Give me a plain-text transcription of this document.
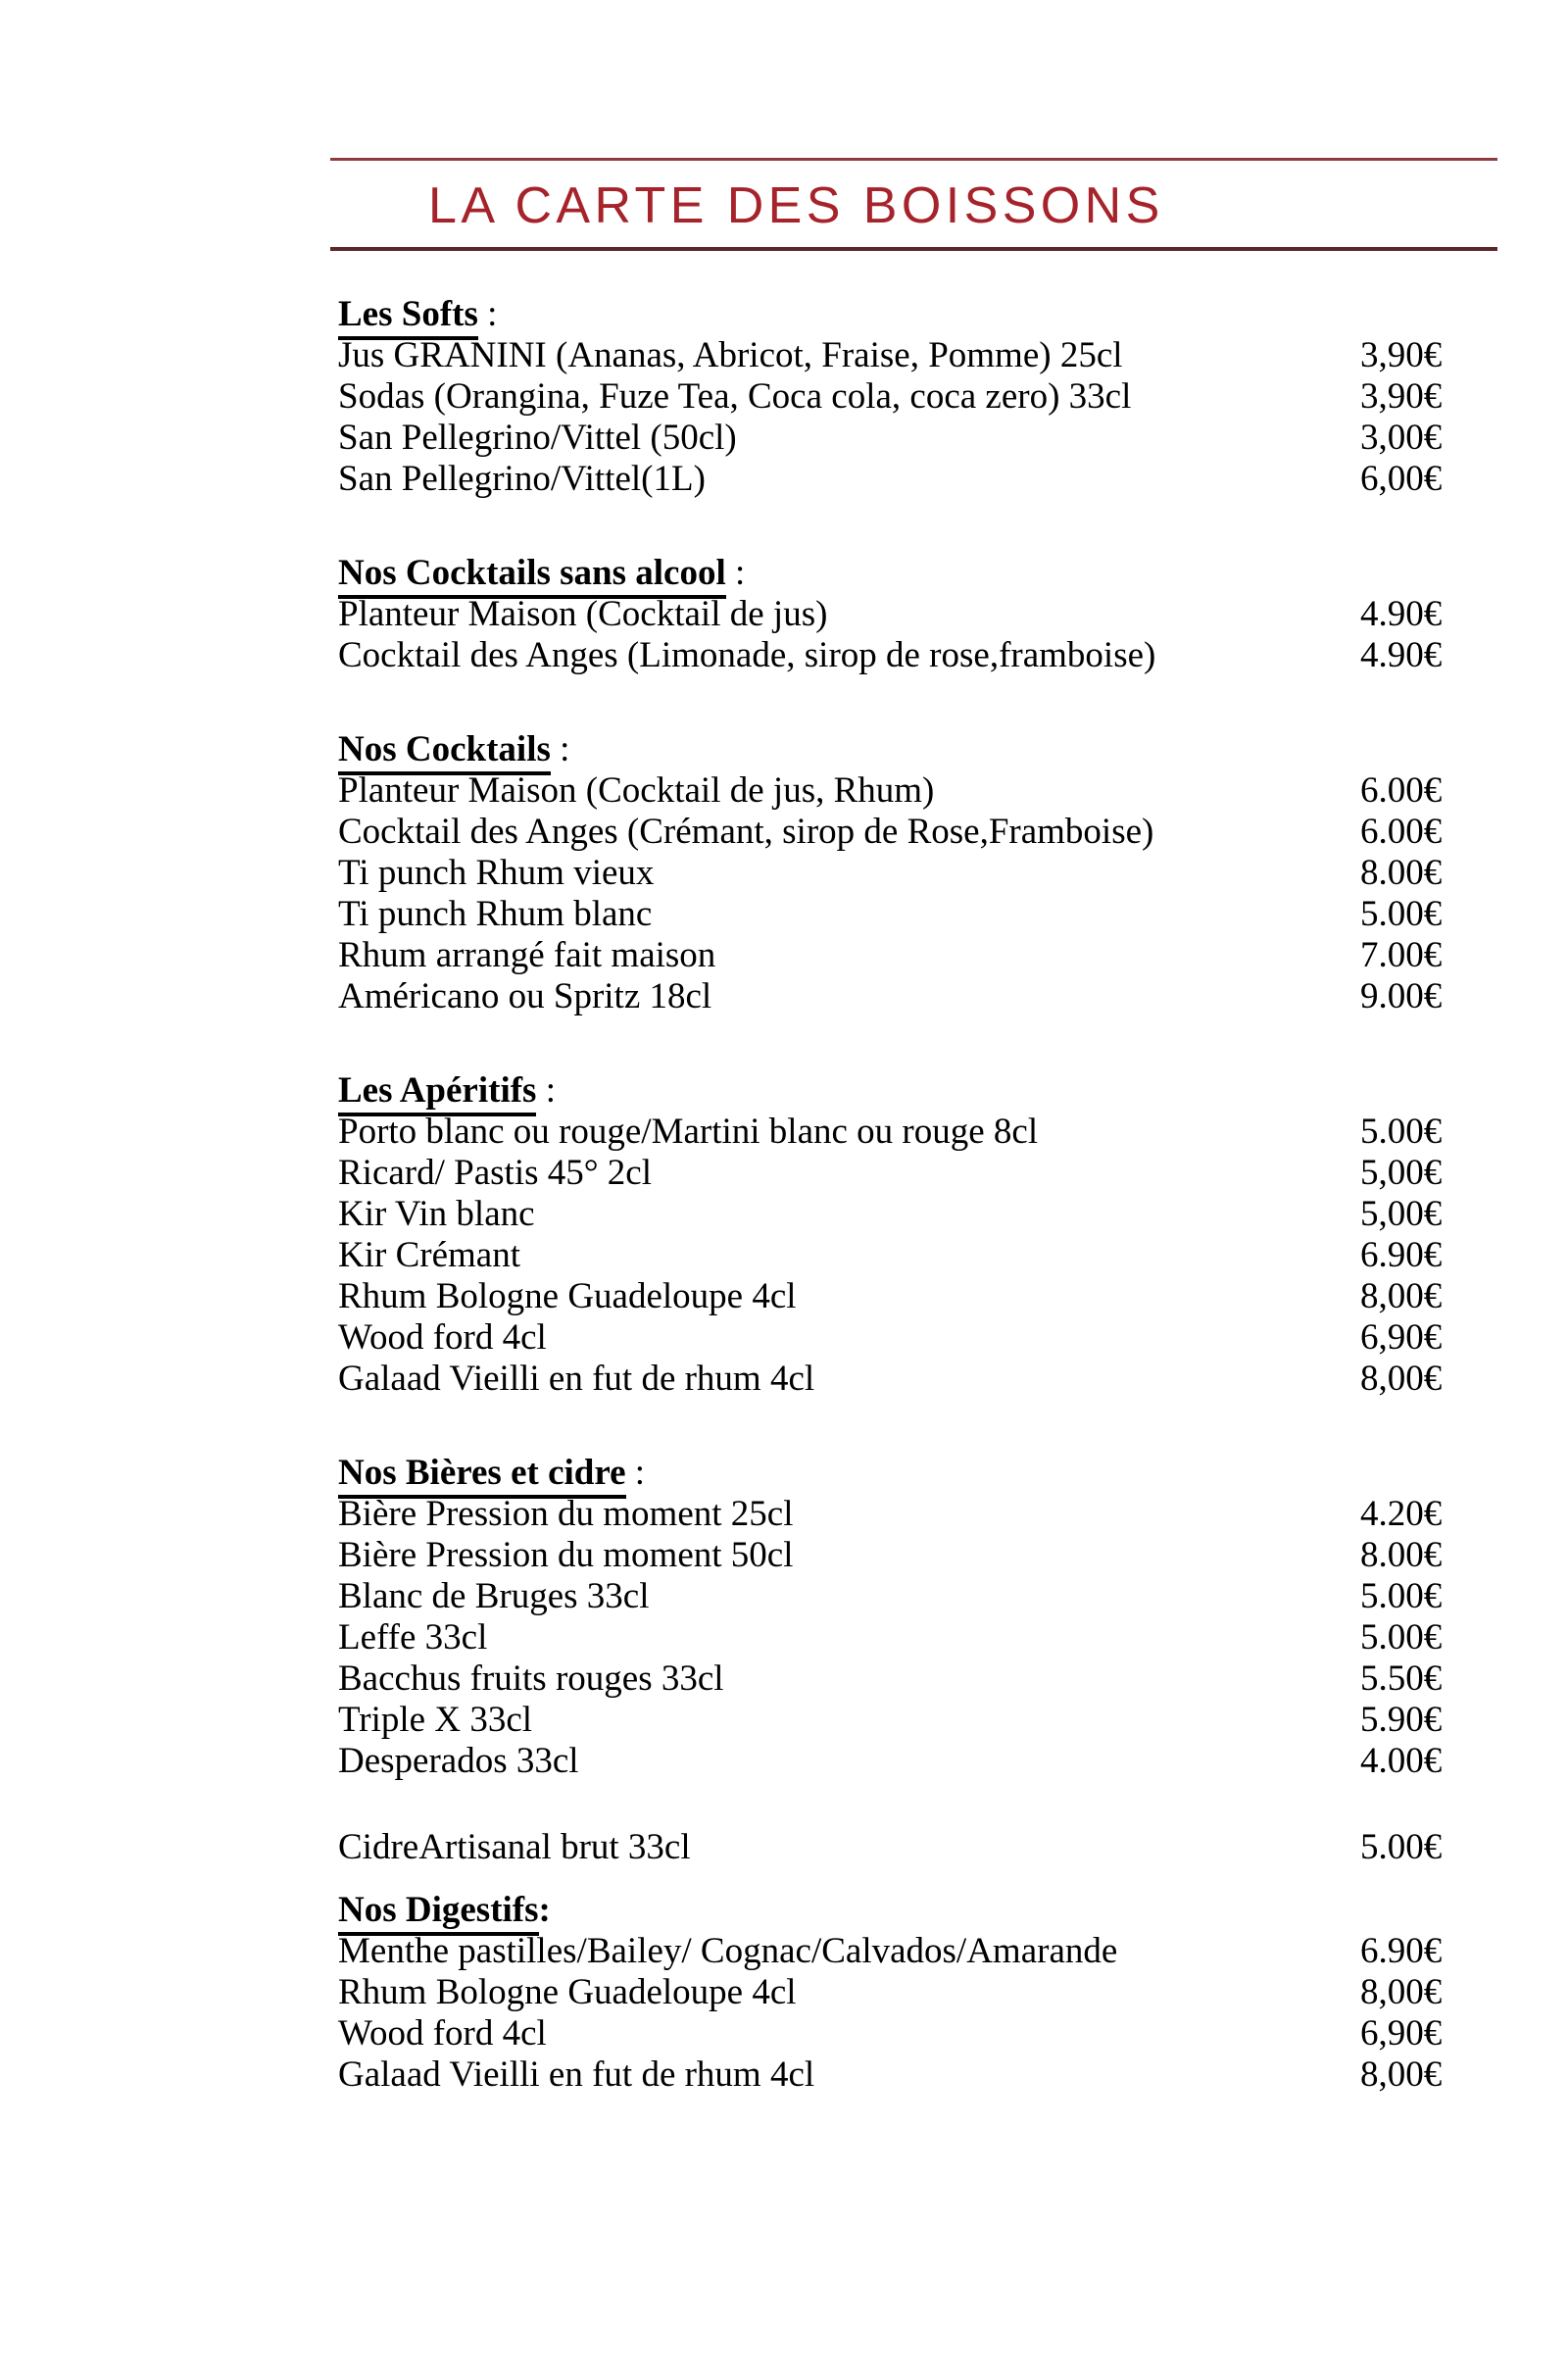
LA CARTE DES BOISSONS
Les Softs :
Jus GRANINI (Ananas, Abricot, Fraise, Pomme) 25cl	3,90€
Sodas (Orangina, Fuze Tea, Coca cola, coca zero) 33cl	3,90€
San Pellegrino/Vittel (50cl)	3,00€
San Pellegrino/Vittel(1L)	6,00€
Nos Cocktails sans alcool :
Planteur Maison (Cocktail de jus)	4.90€
Cocktail des Anges (Limonade, sirop de rose,framboise)	4.90€
Nos Cocktails :
Planteur Maison (Cocktail de jus, Rhum)	6.00€
Cocktail des Anges (Crémant, sirop de Rose,Framboise)	6.00€
Ti punch Rhum vieux	8.00€
Ti punch Rhum blanc	5.00€
Rhum arrangé fait maison	7.00€
Américano ou Spritz 18cl	9.00€
Les Apéritifs :
Porto blanc ou rouge/Martini blanc ou rouge 8cl	5.00€
Ricard/ Pastis 45° 2cl	5,00€
Kir Vin blanc	5,00€
Kir Crémant	6.90€
Rhum Bologne Guadeloupe 4cl	8,00€
Wood ford 4cl	6,90€
Galaad Vieilli en fut de rhum 4cl	8,00€
Nos Bières et cidre :
Bière Pression du moment 25cl	4.20€
Bière Pression du moment 50cl	8.00€
Blanc de Bruges 33cl	5.00€
Leffe 33cl	5.00€
Bacchus fruits rouges 33cl	5.50€
Triple X 33cl	5.90€
Desperados 33cl	4.00€
CidreArtisanal brut 33cl	5.00€
Nos Digestifs:
Menthe pastilles/Bailey/ Cognac/Calvados/Amarande	6.90€
Rhum Bologne Guadeloupe 4cl	8,00€
Wood ford 4cl	6,90€
Galaad Vieilli en fut de rhum 4cl	8,00€
